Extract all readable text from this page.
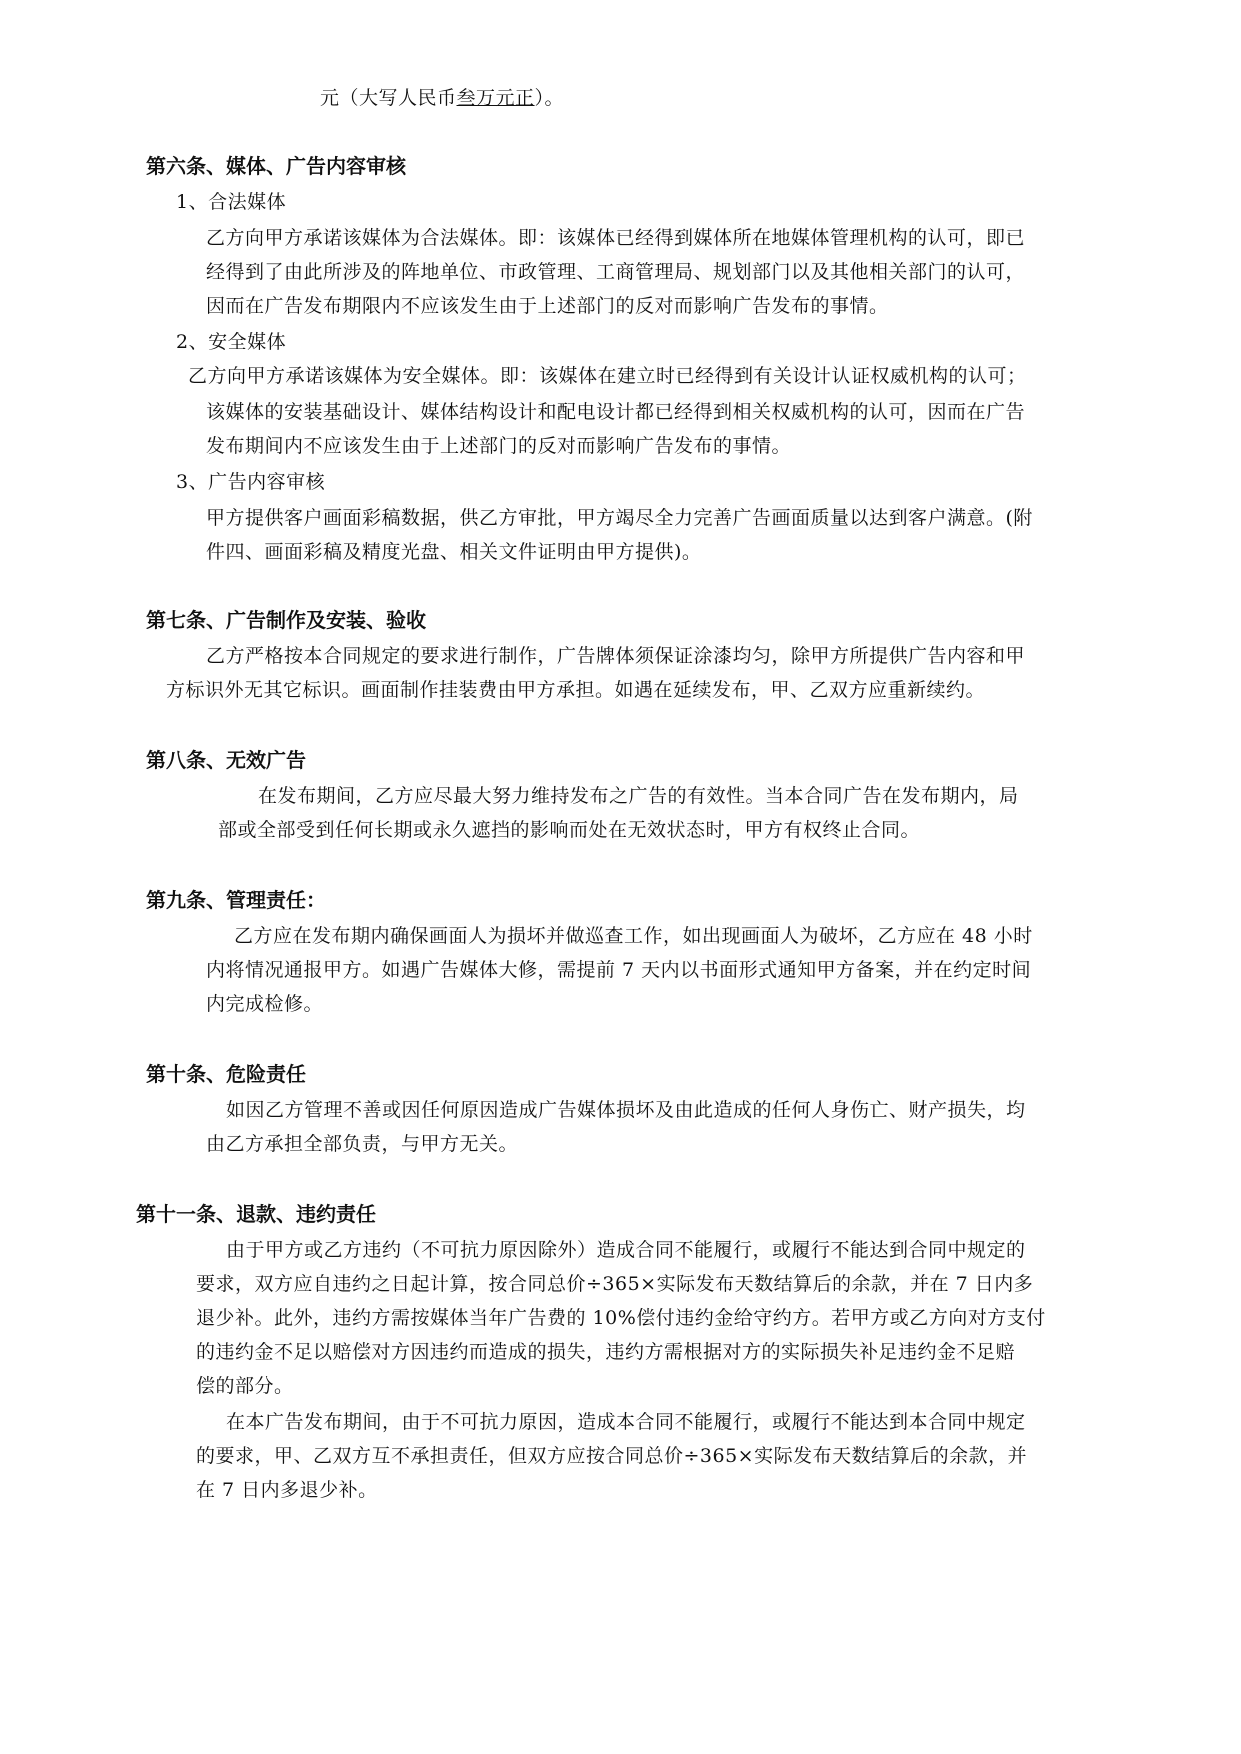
元（大写人民币叁万元正）。
第六条、媒体、广告内容审核
1、合法媒体
乙方向甲方承诺该媒体为合法媒体。即：该媒体已经得到媒体所在地媒体管理机构的认可，即已
经得到了由此所涉及的阵地单位、市政管理、工商管理局、规划部门以及其他相关部门的认可，
因而在广告发布期限内不应该发生由于上述部门的反对而影响广告发布的事情。
2、安全媒体
乙方向甲方承诺该媒体为安全媒体。即：该媒体在建立时已经得到有关设计认证权威机构的认可；
该媒体的安装基础设计、媒体结构设计和配电设计都已经得到相关权威机构的认可，因而在广告
发布期间内不应该发生由于上述部门的反对而影响广告发布的事情。
3、广告内容审核
甲方提供客户画面彩稿数据，供乙方审批，甲方竭尽全力完善广告画面质量以达到客户满意。(附
件四、画面彩稿及精度光盘、相关文件证明由甲方提供)。
第七条、广告制作及安装、验收
乙方严格按本合同规定的要求进行制作，广告牌体须保证涂漆均匀，除甲方所提供广告内容和甲
方标识外无其它标识。画面制作挂装费由甲方承担。如遇在延续发布，甲、乙双方应重新续约。
第八条、无效广告
在发布期间，乙方应尽最大努力维持发布之广告的有效性。当本合同广告在发布期内，局
部或全部受到任何长期或永久遮挡的影响而处在无效状态时，甲方有权终止合同。
第九条、管理责任：
乙方应在发布期内确保画面人为损坏并做巡查工作，如出现画面人为破坏，乙方应在 48 小时
内将情况通报甲方。如遇广告媒体大修，需提前 7 天内以书面形式通知甲方备案，并在约定时间
内完成检修。
第十条、危险责任
如因乙方管理不善或因任何原因造成广告媒体损坏及由此造成的任何人身伤亡、财产损失，均
由乙方承担全部负责，与甲方无关。
第十一条、退款、违约责任
由于甲方或乙方违约（不可抗力原因除外）造成合同不能履行，或履行不能达到合同中规定的
要求，双方应自违约之日起计算，按合同总价÷365×实际发布天数结算后的余款，并在 7 日内多
退少补。此外，违约方需按媒体当年广告费的 10%偿付违约金给守约方。若甲方或乙方向对方支付
的违约金不足以赔偿对方因违约而造成的损失，违约方需根据对方的实际损失补足违约金不足赔
偿的部分。
在本广告发布期间，由于不可抗力原因，造成本合同不能履行，或履行不能达到本合同中规定
的要求，甲、乙双方互不承担责任，但双方应按合同总价÷365×实际发布天数结算后的余款，并
在 7 日内多退少补。
